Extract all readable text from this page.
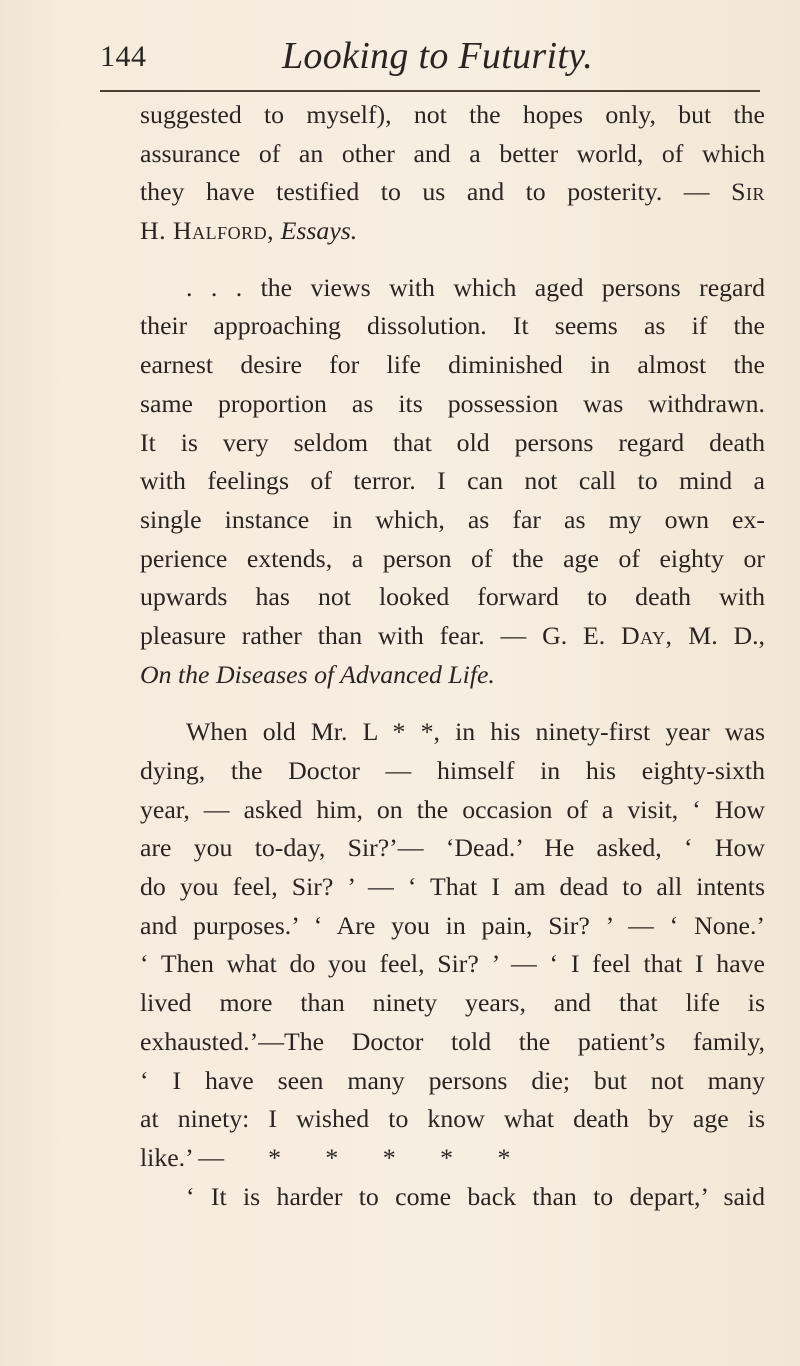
144	Looking to Futurity.
suggested to myself), not the hopes only, but the
assurance of an other and a better world, of which
they have testified to us and to posterity. — Sir
H. Halford, Essays.
. . . the views with which aged persons regard
their approaching dissolution. It seems as if the
earnest desire for life diminished in almost the
same proportion as its possession was withdrawn.
It is very seldom that old persons regard death
with feelings of terror. I can not call to mind a
single instance in which, as far as my own ex-
perience extends, a person of the age of eighty or
upwards has not looked forward to death with
pleasure rather than with fear. — G. E. Day, M. D.,
On the Diseases of Advanced Life.
When old Mr. L * *, in his ninety-first year was
dying, the Doctor — himself in his eighty-sixth
year, — asked him, on the occasion of a visit, ‘ How
are you to-day, Sir?’— ‘Dead.’ He asked, ‘ How
do you feel, Sir? ’ — ‘ That I am dead to all intents
and purposes.’ ‘ Are you in pain, Sir? ’ — ‘ None.’
‘ Then what do you feel, Sir? ’ — ‘ I feel that I have
lived more than ninety years, and that life is
exhausted.’—The Doctor told the patient’s family,
‘ I have seen many persons die; but not many
at ninety: I wished to know what death by age is
like.’ — * * * * *
‘ It is harder to come back than to depart,’ said
